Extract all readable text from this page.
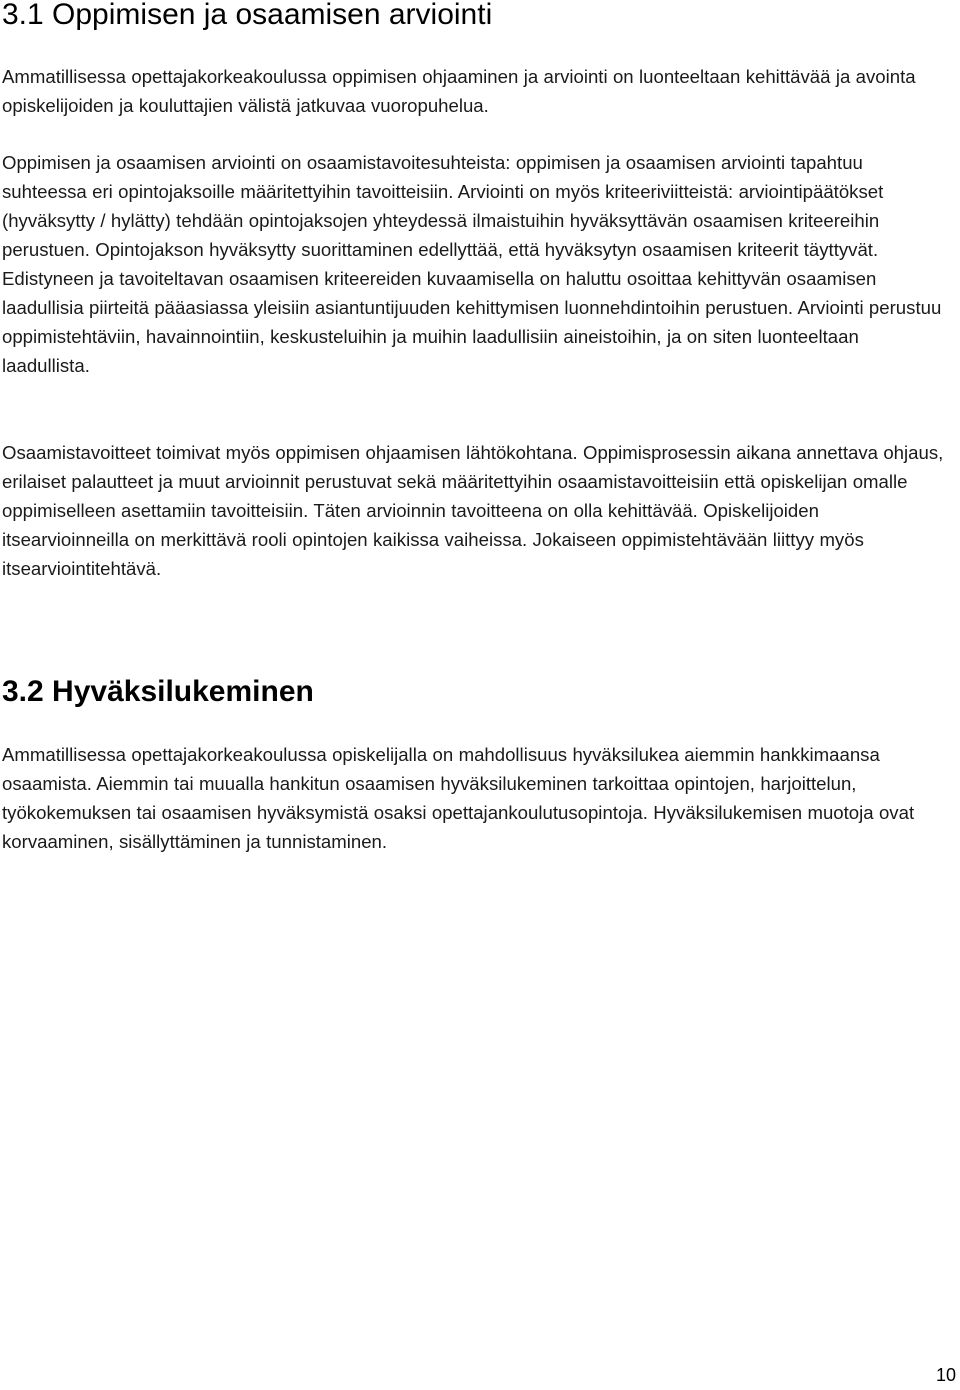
3.1 Oppimisen ja osaamisen arviointi

Ammatillisessa opettajakorkeakoulussa oppimisen ohjaaminen ja arviointi on luonteeltaan kehittävää ja avointa opiskelijoiden ja kouluttajien välistä jatkuvaa vuoropuhelua.

Oppimisen ja osaamisen arviointi on osaamistavoitesuhteista: oppimisen ja osaamisen arviointi tapahtuu suhteessa eri opintojaksoille määritettyihin tavoitteisiin. Arviointi on myös kriteeriviitteistä: arviointipäätökset (hyväksytty / hylätty) tehdään opintojaksojen yhteydessä ilmaistuihin hyväksyttävän osaamisen kriteereihin perustuen. Opintojakson hyväksytty suorittaminen edellyttää, että hyväksytyn osaamisen kriteerit täyttyvät. Edistyneen ja tavoiteltavan osaamisen kriteereiden kuvaamisella on haluttu osoittaa kehittyvän osaamisen laadullisia piirteitä pääasiassa yleisiin asiantuntijuuden kehittymisen luonnehdintoihin perustuen. Arviointi perustuu oppimistehtäviin, havainnointiin, keskusteluihin ja muihin laadullisiin aineistoihin, ja on siten luonteeltaan laadullista.

Osaamistavoitteet toimivat myös oppimisen ohjaamisen lähtökohtana. Oppimisprosessin aikana annettava ohjaus, erilaiset palautteet ja muut arvioinnit perustuvat sekä määritettyihin osaamistavoitteisiin että opiskelijan omalle oppimiselleen asettamiin tavoitteisiin. Täten arvioinnin tavoitteena on olla kehittävää. Opiskelijoiden itsearvioinneilla on merkittävä rooli opintojen kaikissa vaiheissa. Jokaiseen oppimistehtävään liittyy myös itsearviointitehtävä.

3.2 Hyväksilukeminen

Ammatillisessa opettajakorkeakoulussa opiskelijalla on mahdollisuus hyväksilukea aiemmin hankkimaansa osaamista. Aiemmin tai muualla hankitun osaamisen hyväksilukeminen tarkoittaa opintojen, harjoittelun, työkokemuksen tai osaamisen hyväksymistä osaksi opettajankoulutusopintoja. Hyväksilukemisen muotoja ovat korvaaminen, sisällyttäminen ja tunnistaminen.

10
